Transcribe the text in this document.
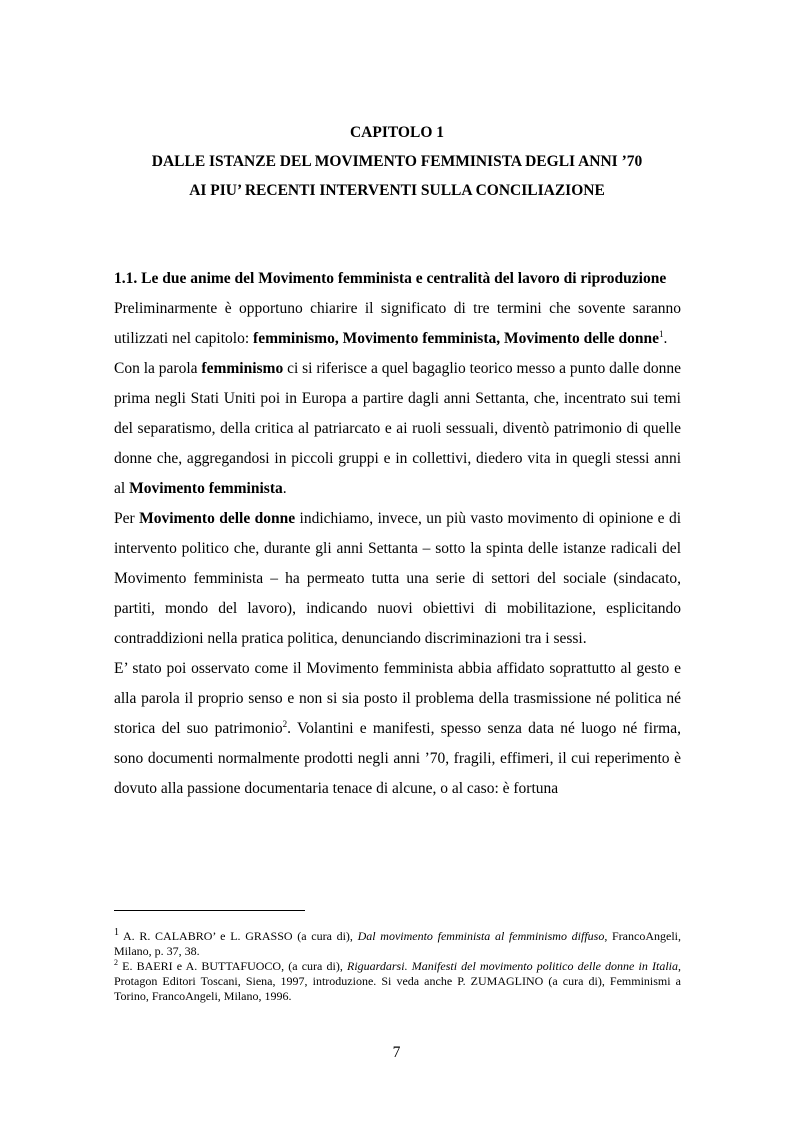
CAPITOLO 1
DALLE ISTANZE DEL MOVIMENTO FEMMINISTA DEGLI ANNI ’70
AI PIU’ RECENTI INTERVENTI SULLA CONCILIAZIONE

1.1. Le due anime del Movimento femminista e centralità del lavoro di riproduzione

Preliminarmente è opportuno chiarire il significato di tre termini che sovente saranno utilizzati nel capitolo: femminismo, Movimento femminista, Movimento delle donne$^1$.

Con la parola femminismo ci si riferisce a quel bagaglio teorico messo a punto dalle donne prima negli Stati Uniti poi in Europa a partire dagli anni Settanta, che, incentrato sui temi del separatismo, della critica al patriarcato e ai ruoli sessuali, diventò patrimonio di quelle donne che, aggregandosi in piccoli gruppi e in collettivi, diedero vita in quegli stessi anni al Movimento femminista.

Per Movimento delle donne indichiamo, invece, un più vasto movimento di opinione e di intervento politico che, durante gli anni Settanta – sotto la spinta delle istanze radicali del Movimento femminista – ha permeato tutta una serie di settori del sociale (sindacato, partiti, mondo del lavoro), indicando nuovi obiettivi di mobilitazione, esplicitando contraddizioni nella pratica politica, denunciando discriminazioni tra i sessi.

E’ stato poi osservato come il Movimento femminista abbia affidato soprattutto al gesto e alla parola il proprio senso e non si sia posto il problema della trasmissione né politica né storica del suo patrimonio$^2$. Volantini e manifesti, spesso senza data né luogo né firma, sono documenti normalmente prodotti negli anni ’70, fragili, effimeri, il cui reperimento è dovuto alla passione documentaria tenace di alcune, o al caso: è fortuna

$^1$ A. R. CALABRO’ e L. GRASSO (a cura di), Dal movimento femminista al femminismo diffuso, FrancoAngeli, Milano, p. 37, 38.

$^2$ E. BAERI e A. BUTTAFUOCO, (a cura di), Riguardarsi. Manifesti del movimento politico delle donne in Italia, Protagon Editori Toscani, Siena, 1997, introduzione. Si veda anche P. ZUMAGLINO (a cura di), Femminismi a Torino, FrancoAngeli, Milano, 1996.

7
